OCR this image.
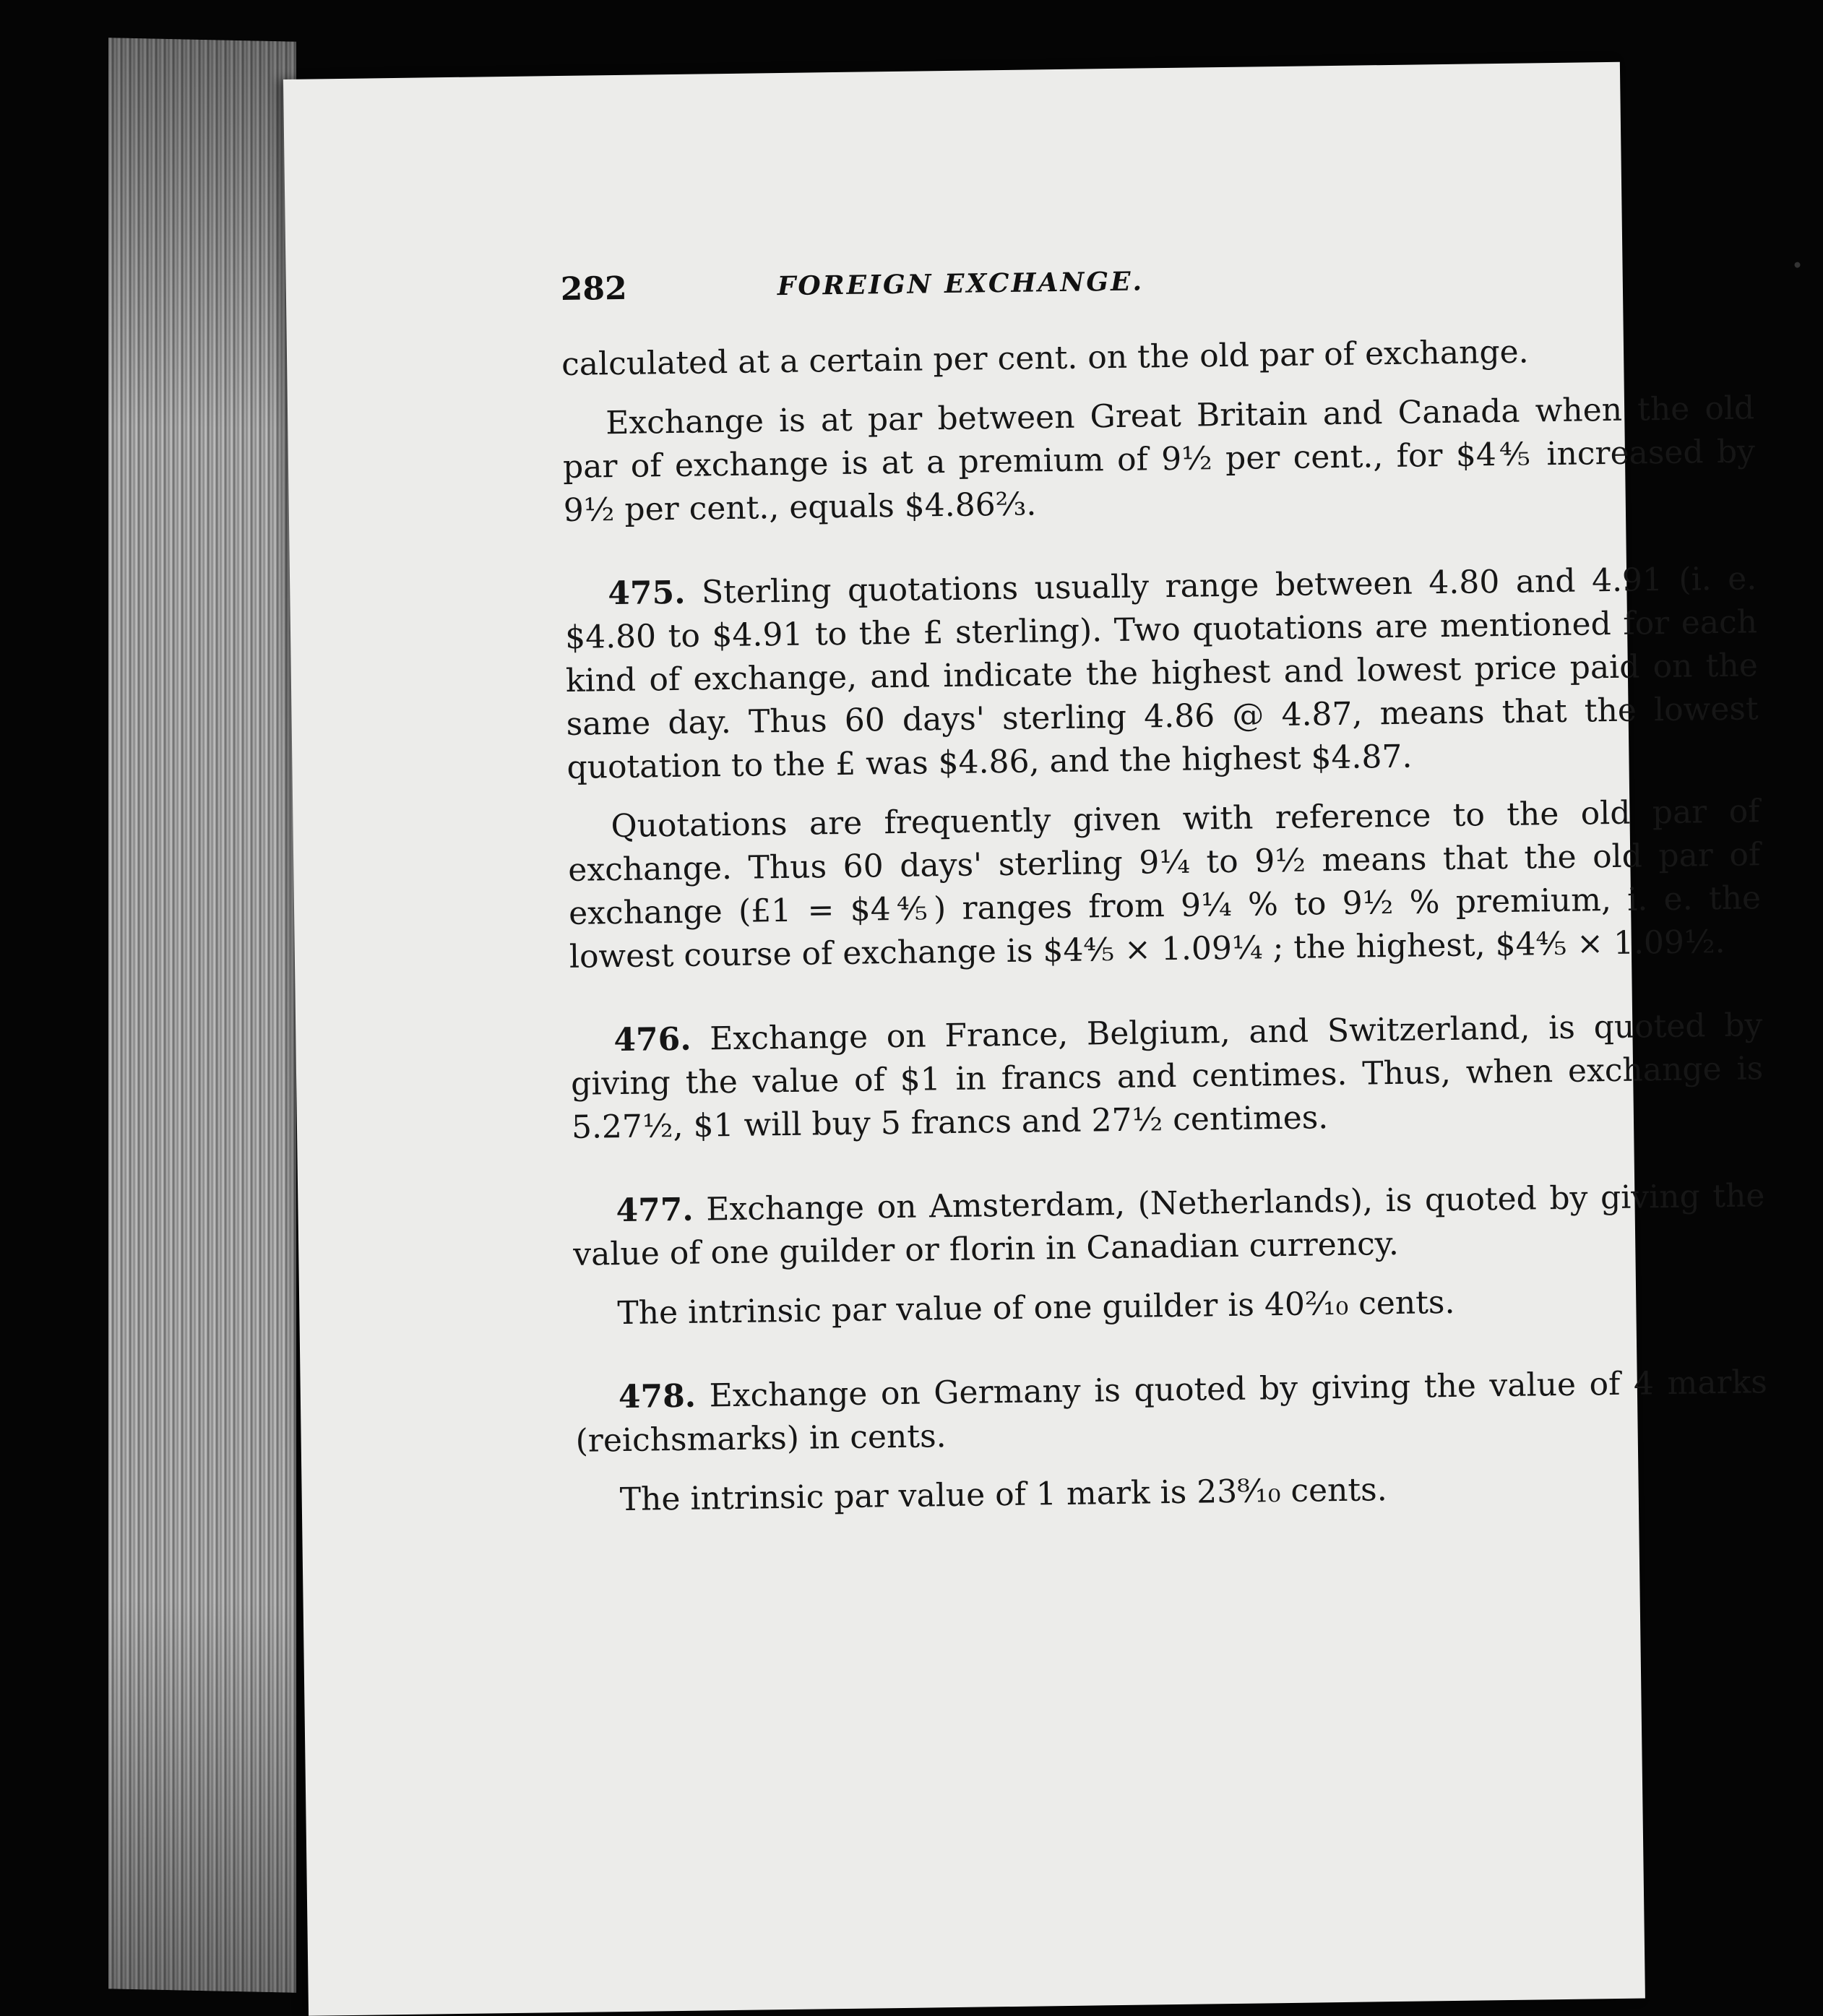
282	FOREIGN EXCHANGE.

calculated at a certain per cent. on the old par of exchange.

Exchange is at par between Great Britain and Canada when the old par of exchange is at a premium of 9½ per cent., for $4⅘ increased by 9½ per cent., equals $4.86⅔.

475. Sterling quotations usually range between 4.80 and 4.91 (i. e. $4.80 to $4.91 to the £ sterling). Two quotations are mentioned for each kind of exchange, and indicate the highest and lowest price paid on the same day. Thus 60 days' sterling 4.86 @ 4.87, means that the lowest quotation to the £ was $4.86, and the highest $4.87.

Quotations are frequently given with reference to the old par of exchange. Thus 60 days' sterling 9¼ to 9½ means that the old par of exchange (£1 = $4⅘) ranges from 9¼ % to 9½ % premium, i. e. the lowest course of exchange is $4⅘ × 1.09¼ ; the highest, $4⅘ × 1.09½.

476. Exchange on France, Belgium, and Switzerland, is quoted by giving the value of $1 in francs and centimes. Thus, when exchange is 5.27½, $1 will buy 5 francs and 27½ centimes.

477. Exchange on Amsterdam, (Netherlands), is quoted by giving the value of one guilder or florin in Canadian currency.

The intrinsic par value of one guilder is 40²⁄₁₀ cents.

478. Exchange on Germany is quoted by giving the value of 4 marks (reichsmarks) in cents.

The intrinsic par value of 1 mark is 23⁸⁄₁₀ cents.
